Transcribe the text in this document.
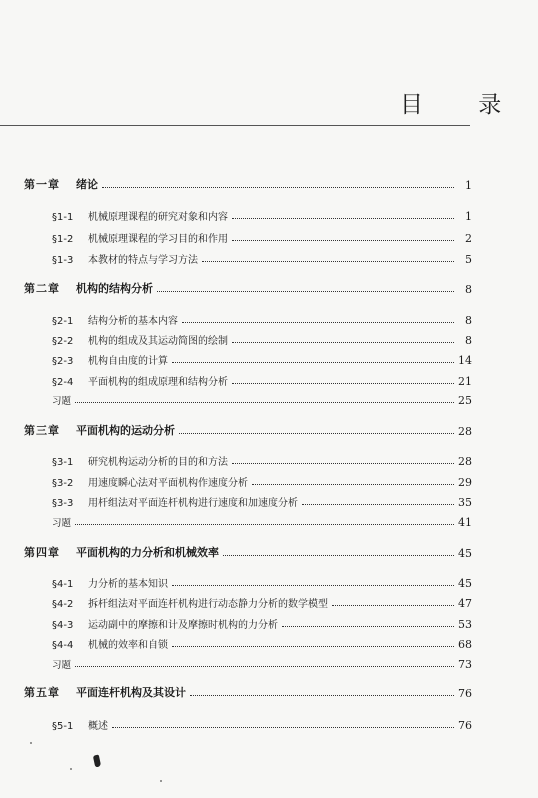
目 录
第一章	绪论	1
§1-1	机械原理课程的研究对象和内容	1
§1-2	机械原理课程的学习目的和作用	2
§1-3	本教材的特点与学习方法	5
第二章	机构的结构分析	8
§2-1	结构分析的基本内容	8
§2-2	机构的组成及其运动简图的绘制	8
§2-3	机构自由度的计算	14
§2-4	平面机构的组成原理和结构分析	21
习题	25
第三章	平面机构的运动分析	28
§3-1	研究机构运动分析的目的和方法	28
§3-2	用速度瞬心法对平面机构作速度分析	29
§3-3	用杆组法对平面连杆机构进行速度和加速度分析	35
习题	41
第四章	平面机构的力分析和机械效率	45
§4-1	力分析的基本知识	45
§4-2	拆杆组法对平面连杆机构进行动态静力分析的数学模型	47
§4-3	运动副中的摩擦和计及摩擦时机构的力分析	53
§4-4	机械的效率和自锁	68
习题	73
第五章	平面连杆机构及其设计	76
§5-1	概述	76
